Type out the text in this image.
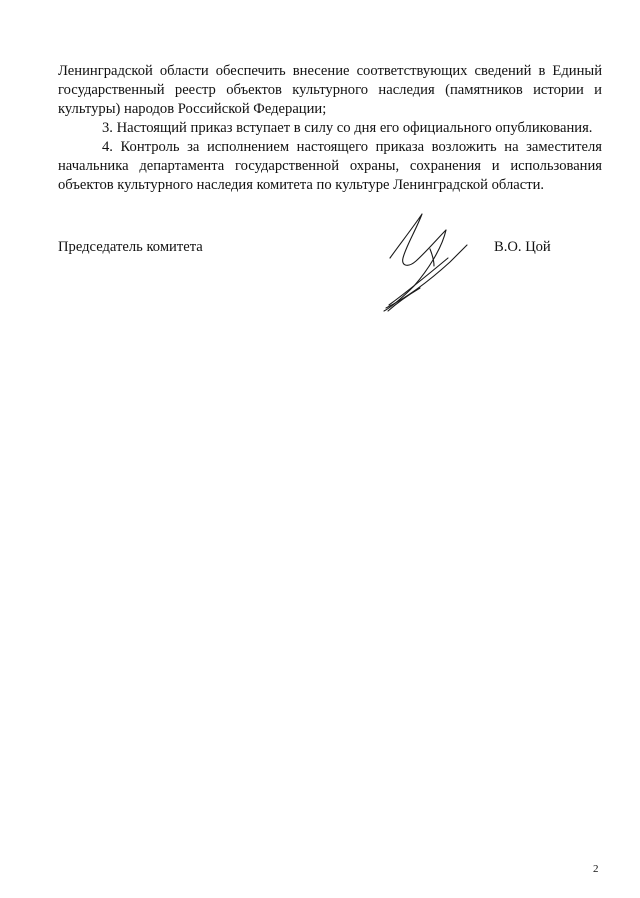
Ленинградской области обеспечить внесение соответствующих сведений в Единый государственный реестр объектов культурного наследия (памятников истории и культуры) народов Российской Федерации;

3. Настоящий приказ вступает в силу со дня его официального опубликования.

4. Контроль за исполнением настоящего приказа возложить на заместителя начальника департамента государственной охраны, сохранения и использования объектов культурного наследия комитета по культуре Ленинградской области.

Председатель комитета	В.О. Цой
2
